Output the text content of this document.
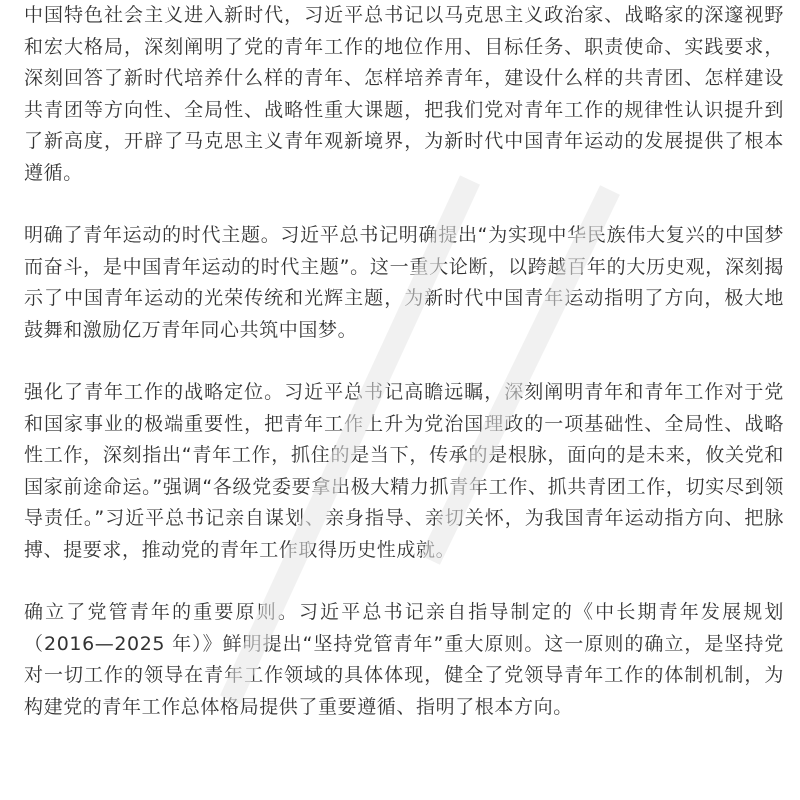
中国特色社会主义进入新时代，习近平总书记以马克思主义政治家、战略家的深邃视野和宏大格局，深刻阐明了党的青年工作的地位作用、目标任务、职责使命、实践要求，深刻回答了新时代培养什么样的青年、怎样培养青年，建设什么样的共青团、怎样建设共青团等方向性、全局性、战略性重大课题，把我们党对青年工作的规律性认识提升到了新高度，开辟了马克思主义青年观新境界，为新时代中国青年运动的发展提供了根本遵循。

明确了青年运动的时代主题。习近平总书记明确提出“为实现中华民族伟大复兴的中国梦而奋斗，是中国青年运动的时代主题”。这一重大论断，以跨越百年的大历史观，深刻揭示了中国青年运动的光荣传统和光辉主题，为新时代中国青年运动指明了方向，极大地鼓舞和激励亿万青年同心共筑中国梦。

强化了青年工作的战略定位。习近平总书记高瞻远瞩，深刻阐明青年和青年工作对于党和国家事业的极端重要性，把青年工作上升为党治国理政的一项基础性、全局性、战略性工作，深刻指出“青年工作，抓住的是当下，传承的是根脉，面向的是未来，攸关党和国家前途命运。”强调“各级党委要拿出极大精力抓青年工作、抓共青团工作，切实尽到领导责任。”习近平总书记亲自谋划、亲身指导、亲切关怀，为我国青年运动指方向、把脉搏、提要求，推动党的青年工作取得历史性成就。

确立了党管青年的重要原则。习近平总书记亲自指导制定的《中长期青年发展规划（2016—2025 年）》鲜明提出“坚持党管青年”重大原则。这一原则的确立，是坚持党对一切工作的领导在青年工作领域的具体体现，健全了党领导青年工作的体制机制，为构建党的青年工作总体格局提供了重要遵循、指明了根本方向。
